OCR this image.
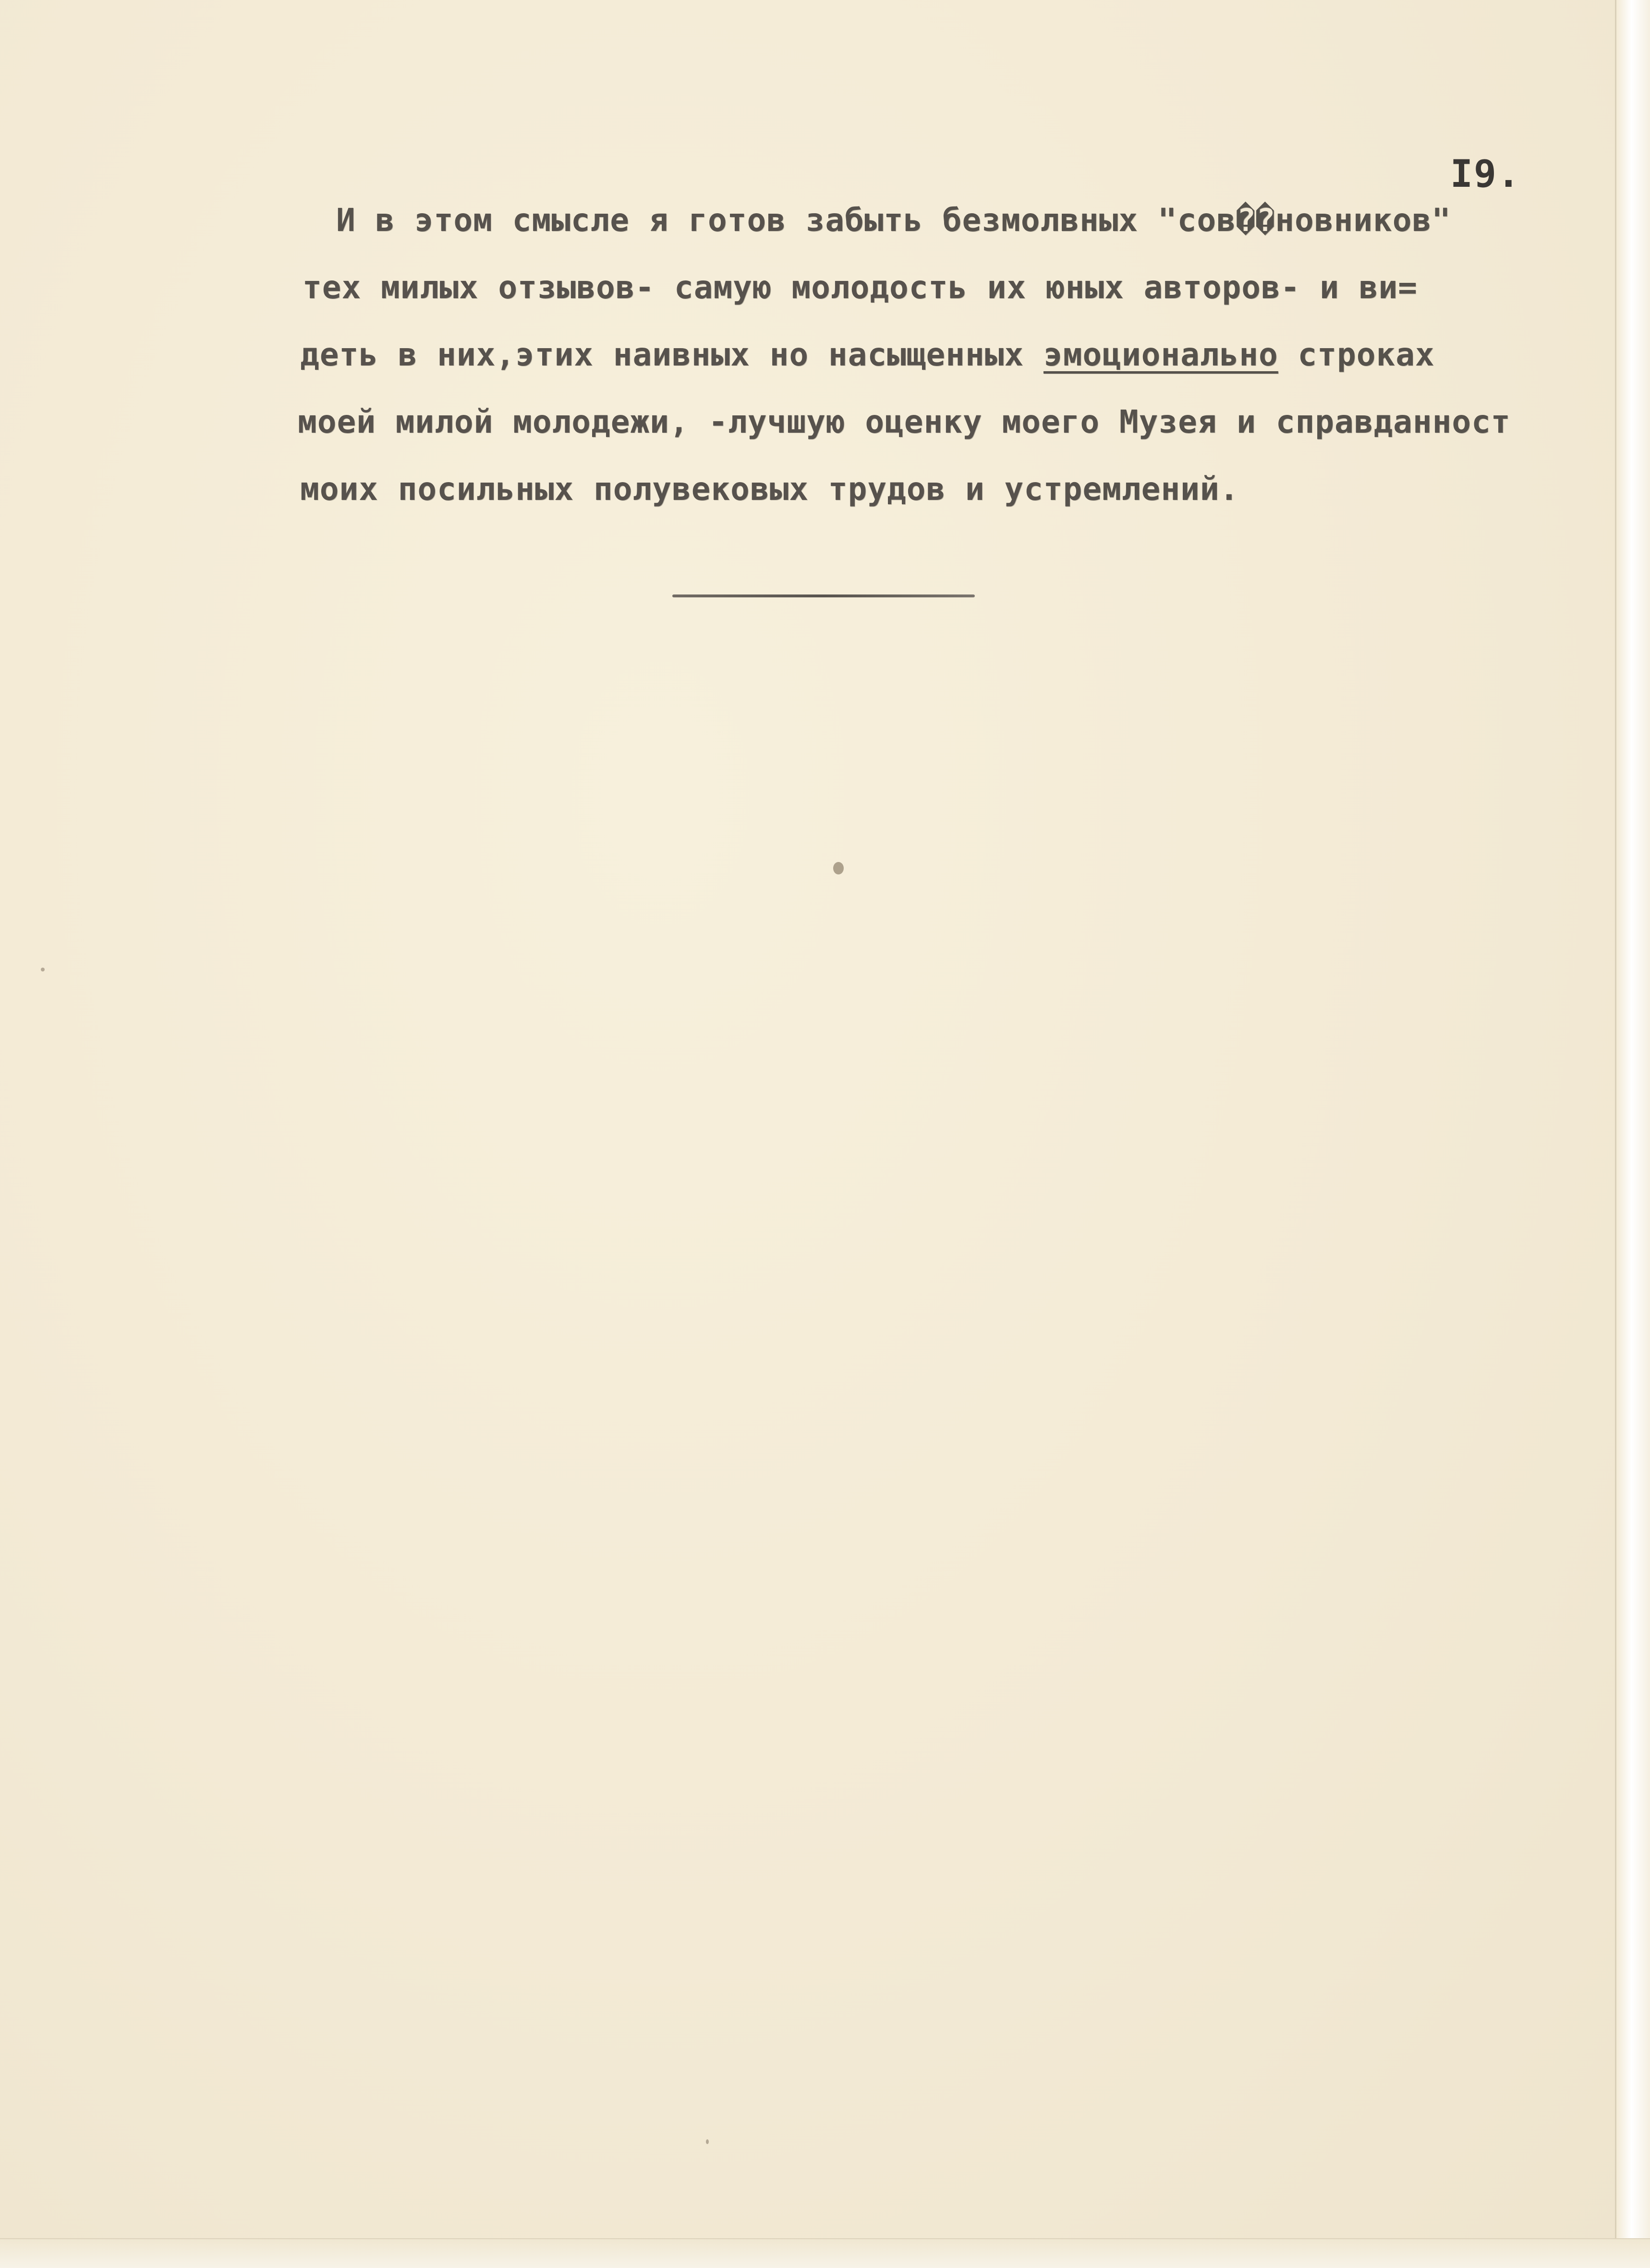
I9.
И в этом смысле я готов забыть безмолвных "сов��новников"
тех милых отзывов- самую молодость их юных авторов- и ви=
деть в них,этих наивных но насыщенных эмоционально строках
моей милой молодежи, -лучшую оценку моего Музея и справданност
моих посильных полувековых трудов и устремлений.
